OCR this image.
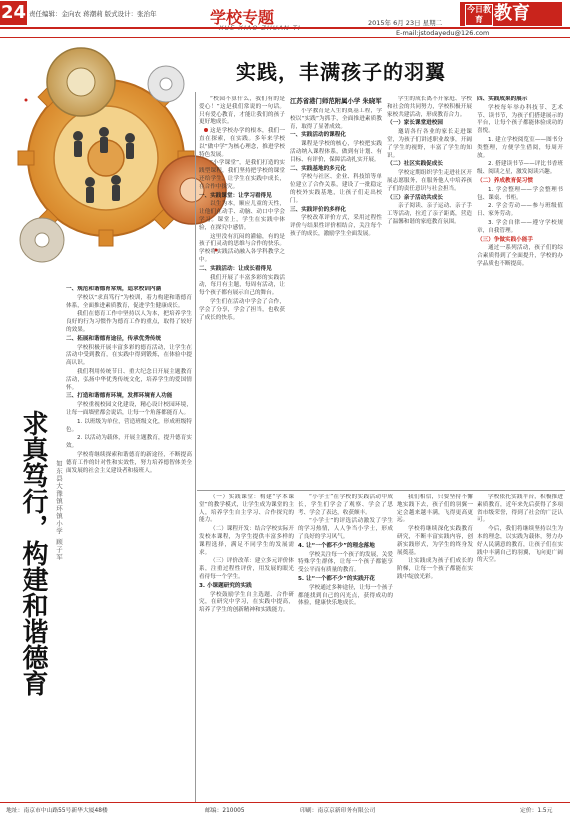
24 责任编辑：金向农 蒋潮莉 版式设计：张治年	学校专题	2015年 6月 23日 星期二
E-mail:jstodayedu@126.com
今日教育 教育
实践，丰满孩子的羽翼

“校园不算什么，我们有的是爱心！”这是我们常说的一句话。只有爱心教育，才能让我们的孩子更好地成长。

这是学校办学的根本，我们一直在探索，在实践。多年来学校以“做中学”为核心理念，推进学校特色发展。

“小学课堂”，是我们打造的实践型课程，我们坚持把学校的课堂还给学生，让学生在实践中成长，在合作中探究。

一、实践课堂：让学习看得见

以生为本，顺应儿童的天性，让他们在动手、动脑、动口中学会学习。课堂上，学生在实践中体验，在探究中感悟。

这里没有沉闷的灌输，有的是孩子们灵动的思维与合作的快乐。学校将实践活动融入各学科教学之中。

二、实践活动：让成长看得见

我们开展了丰富多彩的实践活动，每月有主题，每周有活动，让每个孩子都有展示自己的舞台。

学生们在活动中学会了合作，学会了分享，学会了担当，也收获了成长的快乐。

江苏省港门师范附属小学 朱晓军

小学教育是人生的奠基工程，学校以“实践”为抓手，全面推进素质教育，取得了显著成效。

一、实践活动的课程化

课程是学校的核心，学校把实践活动纳入课程体系，做到有计划、有目标、有评价，保障活动扎实开展。

二、实践基地的多元化

学校与社区、企业、科技馆等单位建立了合作关系，建设了一批稳定的校外实践基地，让孩子们走出校门。

三、实践评价的多样化

学校改革评价方式，采用过程性评价与结果性评价相结合，关注每个孩子的成长，激励学生全面发展。

学生的成长离不开家庭、学校和社会的共同努力，学校积极开展家校共建活动，形成教育合力。

（一）家长课堂进校园

邀请各行各业的家长走进课堂，为孩子们讲述职业故事，开阔了学生的视野，丰富了学生的知识。

（二）社区实践促成长

学校定期组织学生走进社区开展志愿服务，在服务他人中培养孩子们的责任意识与社会担当。

（三）亲子活动共成长

亲子阅读、亲子运动、亲子手工等活动，拉近了亲子距离，营造了温馨和谐的家庭教育氛围。

四、实践成果的展示

学校每年举办科技节、艺术节、读书节，为孩子们搭建展示的平台，让每个孩子都能体验成功的喜悦。

1. 建立学校阅览室——图书分类整理，方便学生借阅，每周开放。

2. 搭建读书节——评比书香班级、阅读之星，激发阅读兴趣。

（二）养成教育促习惯

1. 学会整理——学会整理书包、课桌、书柜。

2. 学会劳动——参与班级值日、家务劳动。

3. 学会自律——遵守学校规章，自我管理。

（三）争做实践小能手

通过一系列活动，孩子们的综合素质得到了全面提升，学校的办学品质也不断提高。

求真笃行，构建和谐德育	如东县大豫镇环镇小学 顾子军

一、规范和谐德育常规，追求校训内涵

学校以“求真笃行”为校训，着力构建和谐德育体系，全面推进素质教育，促进学生健康成长。

我们在德育工作中坚持以人为本，把培养学生良好的行为习惯作为德育工作的重点，取得了较好的效果。

二、拓展和谐德育途径，传承优秀传统

学校积极开展丰富多彩的德育活动，让学生在活动中受到教育，在实践中得到锻炼，在体验中提高认识。

我们利用传统节日、重大纪念日开展主题教育活动，弘扬中华优秀传统文化，培养学生的爱国情怀。

三、打造和谐德育环境，发挥环境育人功能

学校重视校园文化建设，精心设计校园环境，让每一面墙壁都会说话，让每一个角落都能育人。

1. 以班级为单位，营造班级文化，形成班级特色。

2. 以活动为载体，开展主题教育，提升德育实效。

学校将继续探索和谐德育的新途径，不断提高德育工作的针对性和实效性，努力培养德智体美全面发展的社会主义建设者和接班人。

（一）实践课堂：构建“学本课堂”的教学模式，让学生成为课堂的主人，培养学生自主学习、合作探究的能力。

（二）课程开发：结合学校实际开发校本课程，为学生提供丰富多样的课程选择，满足不同学生的发展需求。

（三）评价改革：建立多元评价体系，注重过程性评价，用发展的眼光看待每一个学生。

3. 小课题研究的实践

学校鼓励学生自主选题、合作研究，在研究中学习，在实践中提高，培养了学生的创新精神和实践能力。

“小学士”在学校的实践活动中成长，学生们学会了观察、学会了思考、学会了表达，收获颇丰。

“小学士”的评选活动激发了学生的学习热情，人人争当小学士，形成了良好的学习风气。

4. 让“一个都不少”的理念落地

学校关注每一个孩子的发展，关爱特殊学生群体，让每一个孩子都能享受公平而有质量的教育。

5. 让“一个都不少”的实践开花

学校通过多种途径，让每一个孩子都能找到自己的闪光点，获得成功的体验，健康快乐地成长。

我们相信，只要坚持不懈地实践下去，孩子们的羽翼一定会越来越丰满，飞得更高更远。

学校将继续深化实践教育研究，不断丰富实践内容，创新实践形式，为学生的终身发展奠基。

让实践成为孩子们成长的阶梯，让每一个孩子都能在实践中绽放光彩。

学校依托实践平台，积极推进素质教育，近年来先后获得了多项省市级荣誉，得到了社会的广泛认可。

今后，我们将继续坚持以生为本的理念，以实践为载体，努力办好人民满意的教育，让孩子们在实践中丰满自己的羽翼，飞向更广阔的天空。

地址：南京市中山路55号新华大厦48楼	邮编：210005	印刷：南京京新印务有限公司	定价：1.5元
